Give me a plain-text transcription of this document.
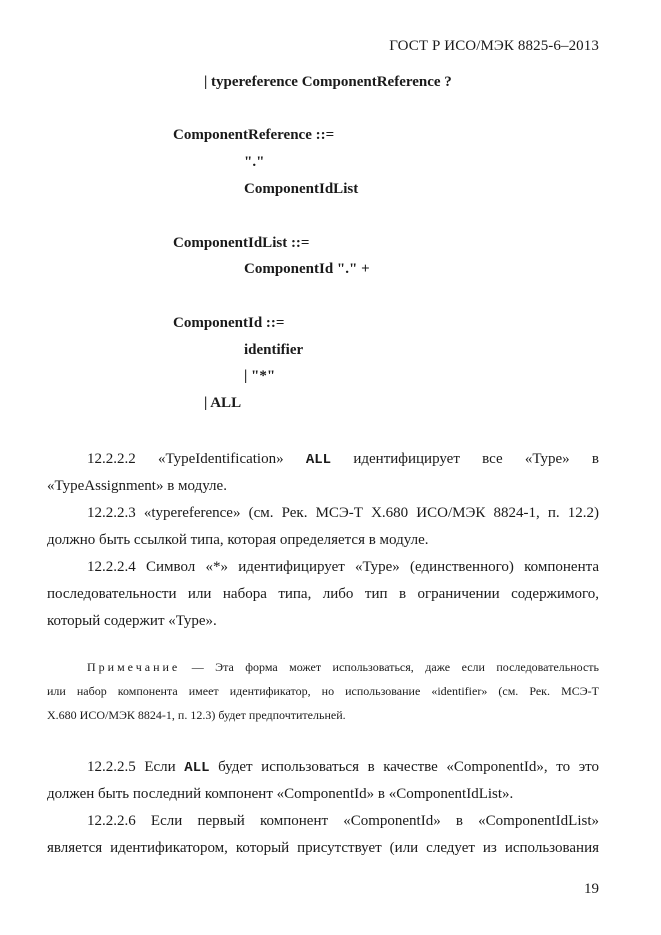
ГОСТ Р ИСО/МЭК 8825-6–2013
| typereference ComponentReference ?
ComponentReference ::=
"."
ComponentIdList
ComponentIdList ::=
ComponentId "." +
ComponentId ::=
identifier
| "*"
| ALL
12.2.2.2 «TypeIdentification» ALL идентифицирует все «Type» в
«TypeAssignment» в модуле.
12.2.2.3 «typereference» (см. Рек. МСЭ-Т Х.680 ИСО/МЭК 8824-1, п. 12.2)
должно быть ссылкой типа, которая определяется в модуле.
12.2.2.4 Символ «*» идентифицирует «Type» (единственного) компонента
последовательности или набора типа, либо тип в ограничении содержимого,
который содержит «Type».
Примечание — Эта форма может использоваться, даже если последовательность
или набор компонента имеет идентификатор, но использование «identifier» (см. Рек. МСЭ-Т
Х.680 ИСО/МЭК 8824-1, п. 12.3) будет предпочтительней.
12.2.2.5 Если ALL будет использоваться в качестве «ComponentId», то это
должен быть последний компонент «ComponentId» в «ComponentIdList».
12.2.2.6 Если первый компонент «ComponentId» в «ComponentIdList»
является идентификатором, который присутствует (или следует из использования
19
